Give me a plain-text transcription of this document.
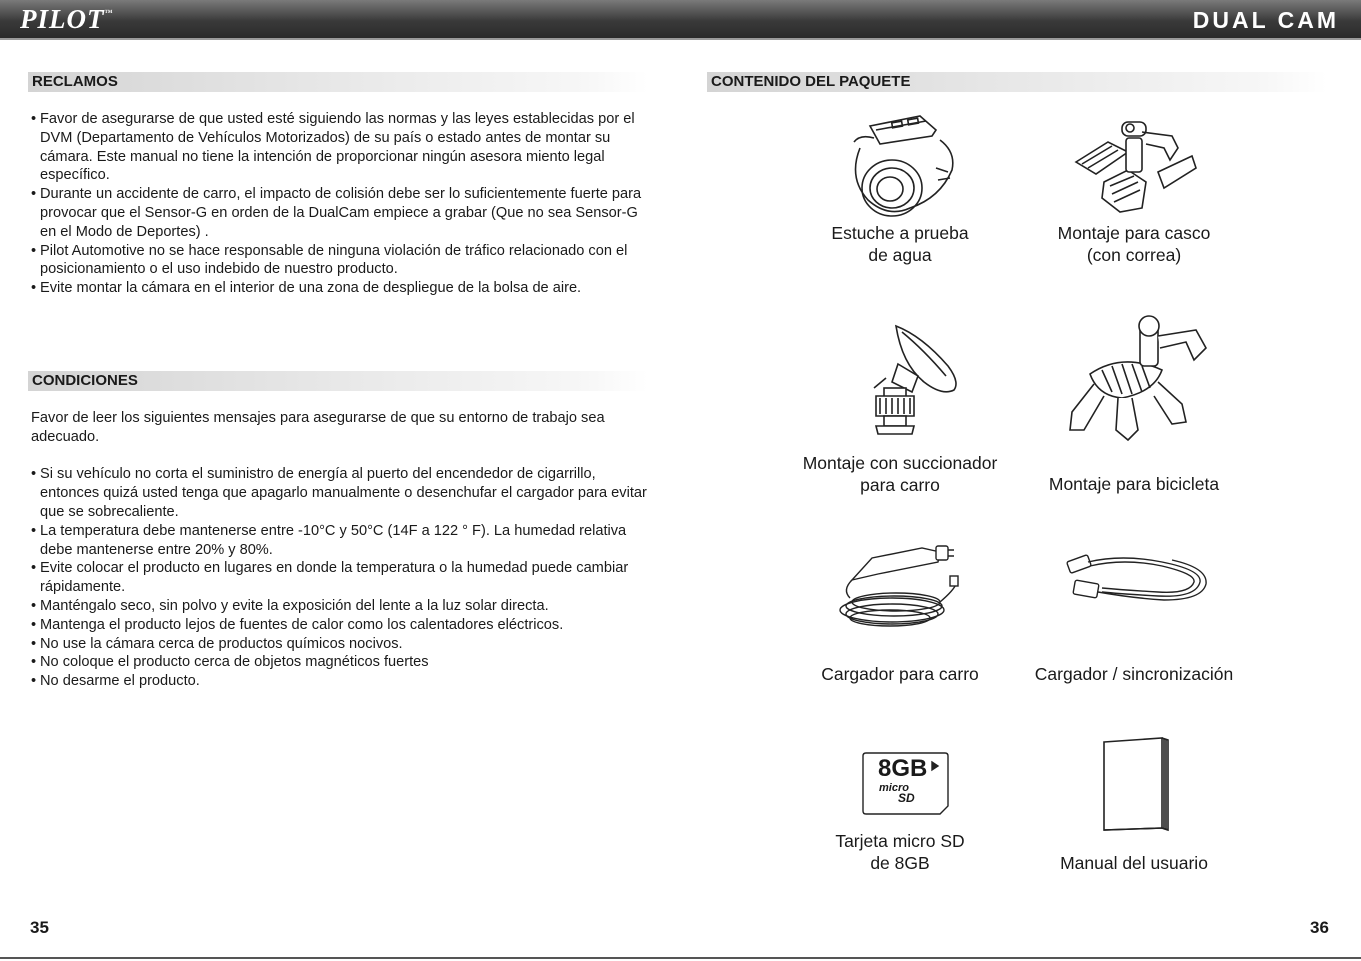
PILOT™	DUAL CAM
RECLAMOS
• Favor de asegurarse de que usted esté siguiendo las normas y las leyes establecidas por el DVM (Departamento de Vehículos Motorizados) de su país o estado antes de montar su cámara. Este manual no tiene la intención de proporcionar ningún asesora miento legal específico.
• Durante un accidente de carro, el impacto de colisión debe ser lo suficientemente fuerte para provocar que el Sensor-G en orden de la DualCam empiece a grabar (Que no sea Sensor-G en el Modo de Deportes) .
• Pilot Automotive no se hace responsable de ninguna violación de tráfico relacionado con el posicionamiento o el uso indebido de nuestro producto.
• Evite montar la cámara en el interior de una zona de despliegue de la bolsa de aire.
CONDICIONES

Favor de leer los siguientes mensajes para asegurarse de que su entorno de trabajo sea adecuado.

• Si su vehículo no corta el suministro de energía al puerto del encendedor de cigarrillo, entonces quizá usted tenga que apagarlo manualmente o desenchufar el cargador para evitar que se sobrecaliente.
• La temperatura debe mantenerse entre -10°C y 50°C (14F a 122 ° F). La humedad relativa debe mantenerse entre 20% y 80%.
• Evite colocar el producto en lugares en donde la temperatura o la humedad puede cambiar rápidamente.
• Manténgalo seco, sin polvo y evite la exposición del lente a la luz solar directa.
• Mantenga el producto lejos de fuentes de calor como los calentadores eléctricos.
• No use la cámara cerca de productos químicos nocivos.
• No coloque el producto cerca de objetos magnéticos fuertes
• No desarme el producto.
35
CONTENIDO DEL PAQUETE
Estuche a prueba
de agua
Montaje para casco
(con correa)
Montaje con succionador
para carro	Montaje para bicicleta
Cargador para carro	Cargador / sincronización
8GB
micro
SD
Tarjeta micro SD
de 8GB	Manual del usuario
36
